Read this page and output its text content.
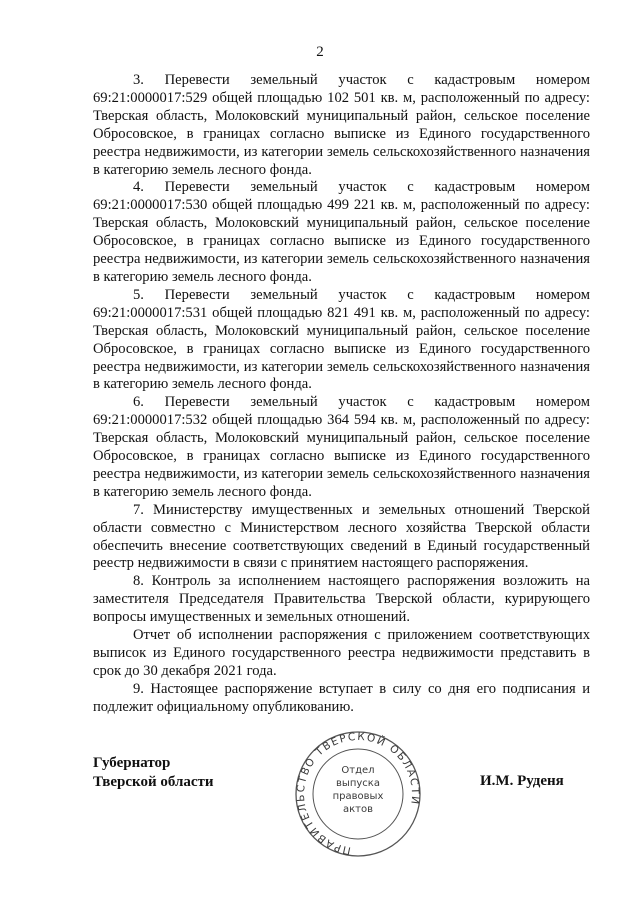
2

3. Перевести земельный участок с кадастровым номером 69:21:0000017:529 общей площадью 102 501 кв. м, расположенный по адресу: Тверская область, Молоковский муниципальный район, сельское поселение Обросовское, в границах согласно выписке из Единого государственного реестра недвижимости, из категории земель сельскохозяйственного назначения в категорию земель лесного фонда.

4. Перевести земельный участок с кадастровым номером 69:21:0000017:530 общей площадью 499 221 кв. м, расположенный по адресу: Тверская область, Молоковский муниципальный район, сельское поселение Обросовское, в границах согласно выписке из Единого государственного реестра недвижимости, из категории земель сельскохозяйственного назначения в категорию земель лесного фонда.

5. Перевести земельный участок с кадастровым номером 69:21:0000017:531 общей площадью 821 491 кв. м, расположенный по адресу: Тверская область, Молоковский муниципальный район, сельское поселение Обросовское, в границах согласно выписке из Единого государственного реестра недвижимости, из категории земель сельскохозяйственного назначения в категорию земель лесного фонда.

6. Перевести земельный участок с кадастровым номером 69:21:0000017:532 общей площадью 364 594 кв. м, расположенный по адресу: Тверская область, Молоковский муниципальный район, сельское поселение Обросовское, в границах согласно выписке из Единого государственного реестра недвижимости, из категории земель сельскохозяйственного назначения в категорию земель лесного фонда.

7. Министерству имущественных и земельных отношений Тверской области совместно с Министерством лесного хозяйства Тверской области обеспечить внесение соответствующих сведений в Единый государственный реестр недвижимости в связи с принятием настоящего распоряжения.

8. Контроль за исполнением настоящего распоряжения возложить на заместителя Председателя Правительства Тверской области, курирующего вопросы имущественных и земельных отношений.

Отчет об исполнении распоряжения с приложением соответствующих выписок из Единого государственного реестра недвижимости представить в срок до 30 декабря 2021 года.

9. Настоящее распоряжение вступает в силу со дня его подписания и подлежит официальному опубликованию.

Губернатор
Тверской области
ПРАВИТЕЛЬСТВО ТВЕРСКОЙ ОБЛАСТИ
Отдел
выпуска
правовых
актов
И.М. Руденя
